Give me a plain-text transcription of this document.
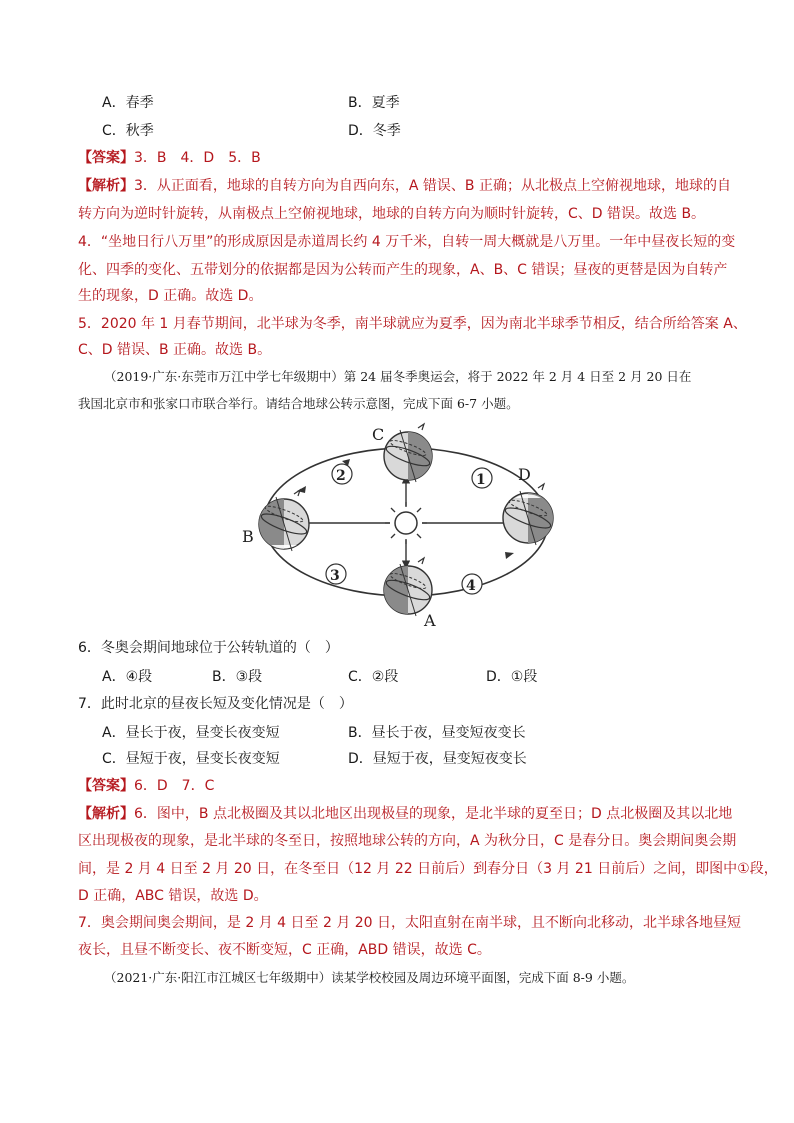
A．春季	B．夏季
C．秋季	D．冬季
【答案】3．B　4．D　5．B
【解析】3．从正面看，地球的自转方向为自西向东，A 错误、B 正确；从北极点上空俯视地球，地球的自
转方向为逆时针旋转，从南极点上空俯视地球，地球的自转方向为顺时针旋转，C、D 错误。故选 B。
4．“坐地日行八万里”的形成原因是赤道周长约 4 万千米，自转一周大概就是八万里。一年中昼夜长短的变
化、四季的变化、五带划分的依据都是因为公转而产生的现象，A、B、C 错误；昼夜的更替是因为自转产
生的现象，D 正确。故选 D。
5．2020 年 1 月春节期间，北半球为冬季，南半球就应为夏季，因为南北半球季节相反，结合所给答案 A、
C、D 错误、B 正确。故选 B。
（2019·广东·东莞市万江中学七年级期中）第 24 届冬季奥运会，将于 2022 年 2 月 4 日至 2 月 20 日在
我国北京市和张家口市联合举行。请结合地球公转示意图，完成下面 6-7 小题。
C
D
B
A
2	1
3
4
6．冬奥会期间地球位于公转轨道的（　）
A．④段	B．③段	C．②段	D．①段
7．此时北京的昼夜长短及变化情况是（　）
A．昼长于夜，昼变长夜变短	B．昼长于夜，昼变短夜变长
C．昼短于夜，昼变长夜变短	D．昼短于夜，昼变短夜变长
【答案】6．D　7．C
【解析】6．图中，B 点北极圈及其以北地区出现极昼的现象，是北半球的夏至日；D 点北极圈及其以北地
区出现极夜的现象，是北半球的冬至日，按照地球公转的方向，A 为秋分日，C 是春分日。奥会期间奥会期
间，是 2 月 4 日至 2 月 20 日，在冬至日（12 月 22 日前后）到春分日（3 月 21 日前后）之间，即图中①段，
D 正确，ABC 错误，故选 D。
7．奥会期间奥会期间，是 2 月 4 日至 2 月 20 日，太阳直射在南半球，且不断向北移动，北半球各地昼短
夜长，且昼不断变长、夜不断变短，C 正确，ABD 错误，故选 C。
（2021·广东·阳江市江城区七年级期中）读某学校校园及周边环境平面图，完成下面 8-9 小题。
